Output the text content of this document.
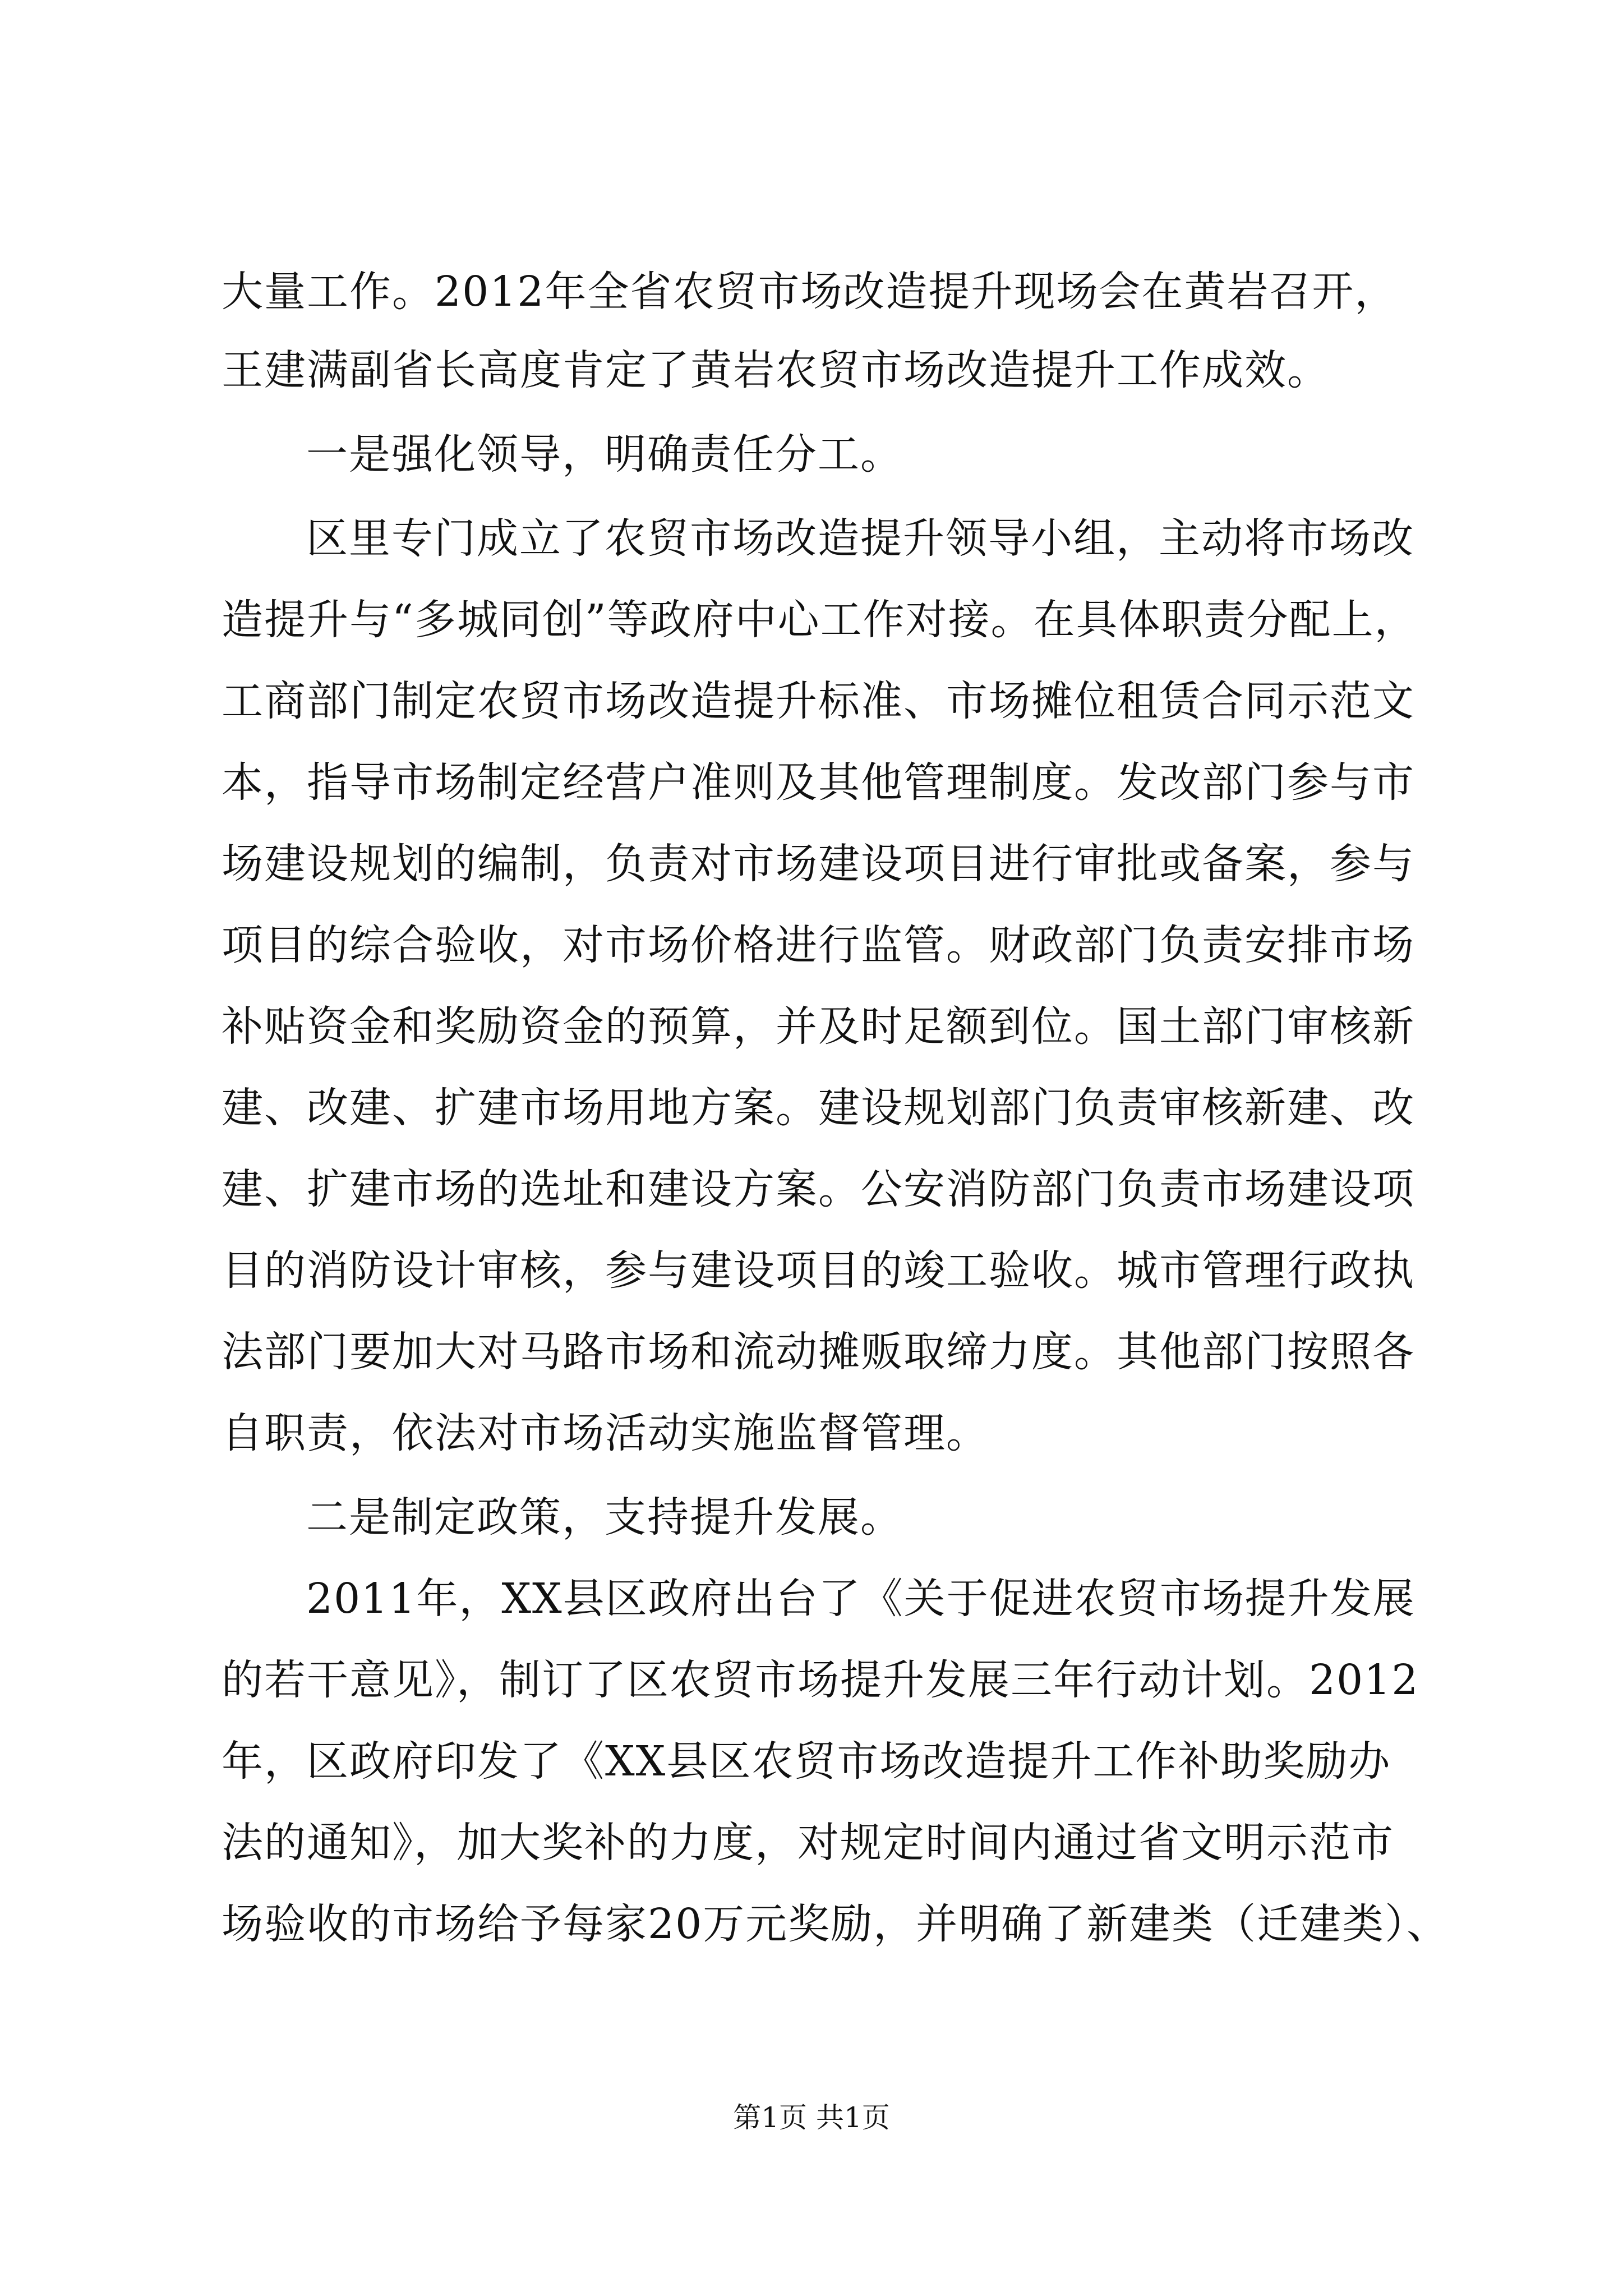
大量工作。2012年全省农贸市场改造提升现场会在黄岩召开，
王建满副省长高度肯定了黄岩农贸市场改造提升工作成效。
一是强化领导，明确责任分工。
区里专门成立了农贸市场改造提升领导小组，主动将市场改
造提升与“多城同创”等政府中心工作对接。在具体职责分配上，
工商部门制定农贸市场改造提升标准、市场摊位租赁合同示范文
本，指导市场制定经营户准则及其他管理制度。发改部门参与市
场建设规划的编制，负责对市场建设项目进行审批或备案，参与
项目的综合验收，对市场价格进行监管。财政部门负责安排市场
补贴资金和奖励资金的预算，并及时足额到位。国土部门审核新
建、改建、扩建市场用地方案。建设规划部门负责审核新建、改
建、扩建市场的选址和建设方案。公安消防部门负责市场建设项
目的消防设计审核，参与建设项目的竣工验收。城市管理行政执
法部门要加大对马路市场和流动摊贩取缔力度。其他部门按照各
自职责，依法对市场活动实施监督管理。
二是制定政策，支持提升发展。
2011年，XX县区政府出台了《关于促进农贸市场提升发展
的若干意见》，制订了区农贸市场提升发展三年行动计划。2012
年，区政府印发了《XX县区农贸市场改造提升工作补助奖励办
法的通知》，加大奖补的力度，对规定时间内通过省文明示范市
场验收的市场给予每家20万元奖励，并明确了新建类（迁建类）、
第1页 共1页
